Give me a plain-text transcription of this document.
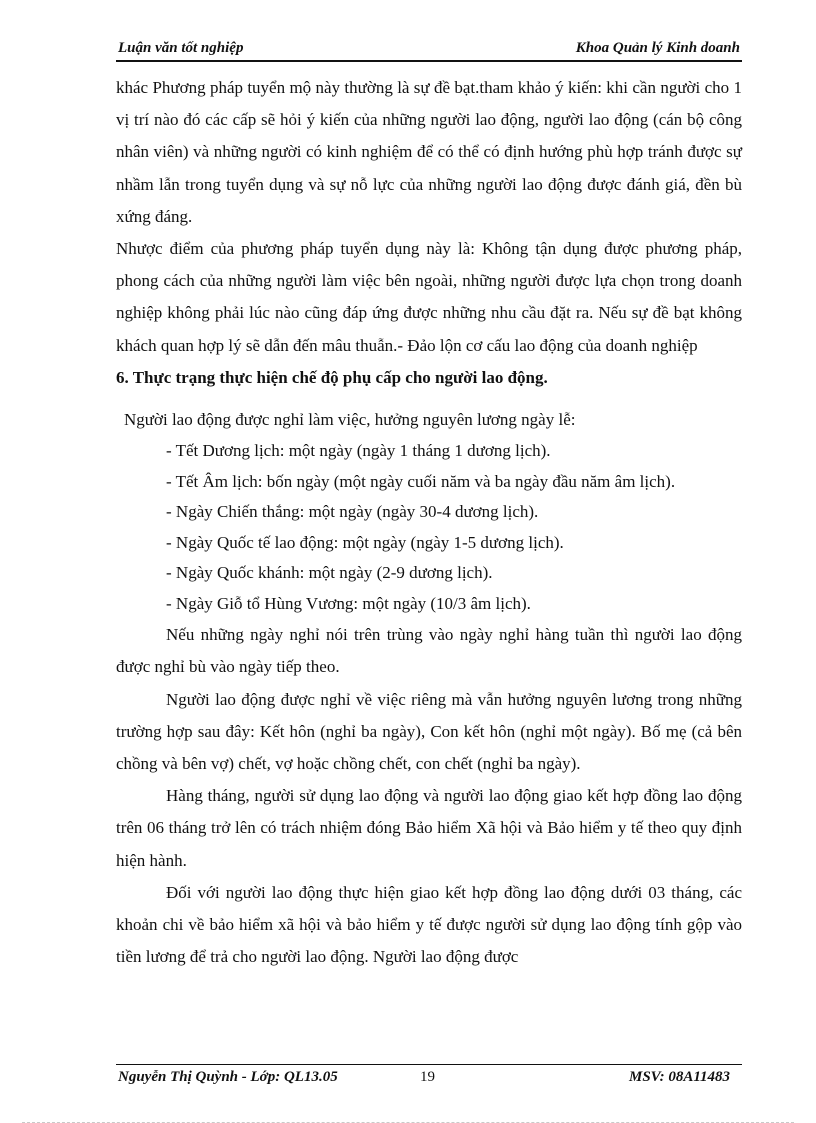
Luận văn tốt nghiệp	Khoa Quản lý Kinh doanh

khác Phương pháp tuyển mộ này thường là sự đề bạt.tham khảo ý kiến: khi cần người cho 1 vị trí nào đó các cấp sẽ hỏi ý kiến của những người lao động, người lao động (cán bộ công nhân viên) và những người có kinh nghiệm để có thể có định hướng phù hợp tránh được sự nhầm lẫn trong tuyển dụng và sự nỗ lực của những người lao động được đánh giá, đền bù xứng đáng.

Nhược điểm của phương pháp tuyển dụng này là: Không tận dụng được phương pháp, phong cách của những người làm việc bên ngoài, những người được lựa chọn trong doanh nghiệp không phải lúc nào cũng đáp ứng được những nhu cầu đặt ra. Nếu sự đề bạt không khách quan hợp lý sẽ dẫn đến mâu thuẫn.- Đảo lộn cơ cấu lao động của doanh nghiệp

6. Thực trạng thực hiện chế độ phụ cấp cho người lao động.

Người lao động được nghỉ làm việc, hưởng nguyên lương ngày lễ:

- Tết Dương lịch: một ngày (ngày 1 tháng 1 dương lịch).

- Tết Âm lịch: bốn ngày (một ngày cuối năm và ba ngày đầu năm âm lịch).

- Ngày Chiến thắng: một ngày (ngày 30-4 dương lịch).

- Ngày Quốc tế lao động: một ngày (ngày 1-5 dương lịch).

- Ngày Quốc khánh: một ngày (2-9 dương lịch).

- Ngày Giỗ tổ Hùng Vương: một ngày (10/3 âm lịch).

Nếu những ngày nghỉ nói trên trùng vào ngày nghỉ hàng tuần thì người lao động được nghỉ bù vào ngày tiếp theo.

Người lao động được nghỉ về việc riêng mà vẫn hưởng nguyên lương trong những trường hợp sau đây: Kết hôn (nghỉ ba ngày), Con kết hôn (nghỉ một ngày). Bố mẹ (cả bên chồng và bên vợ) chết, vợ hoặc chồng chết, con chết (nghỉ ba ngày).

Hàng tháng, người sử dụng lao động và người lao động giao kết hợp đồng lao động trên 06 tháng trở lên có trách nhiệm đóng Bảo hiểm Xã hội và Bảo hiểm y tế theo quy định hiện hành.

Đối với người lao động thực hiện giao kết hợp đồng lao động dưới 03 tháng, các khoản chi về bảo hiểm xã hội và bảo hiểm y tế được người sử dụng lao động tính gộp vào tiền lương để trả cho người lao động. Người lao động được

Nguyễn Thị Quỳnh - Lớp: QL13.05	19	MSV: 08A11483
